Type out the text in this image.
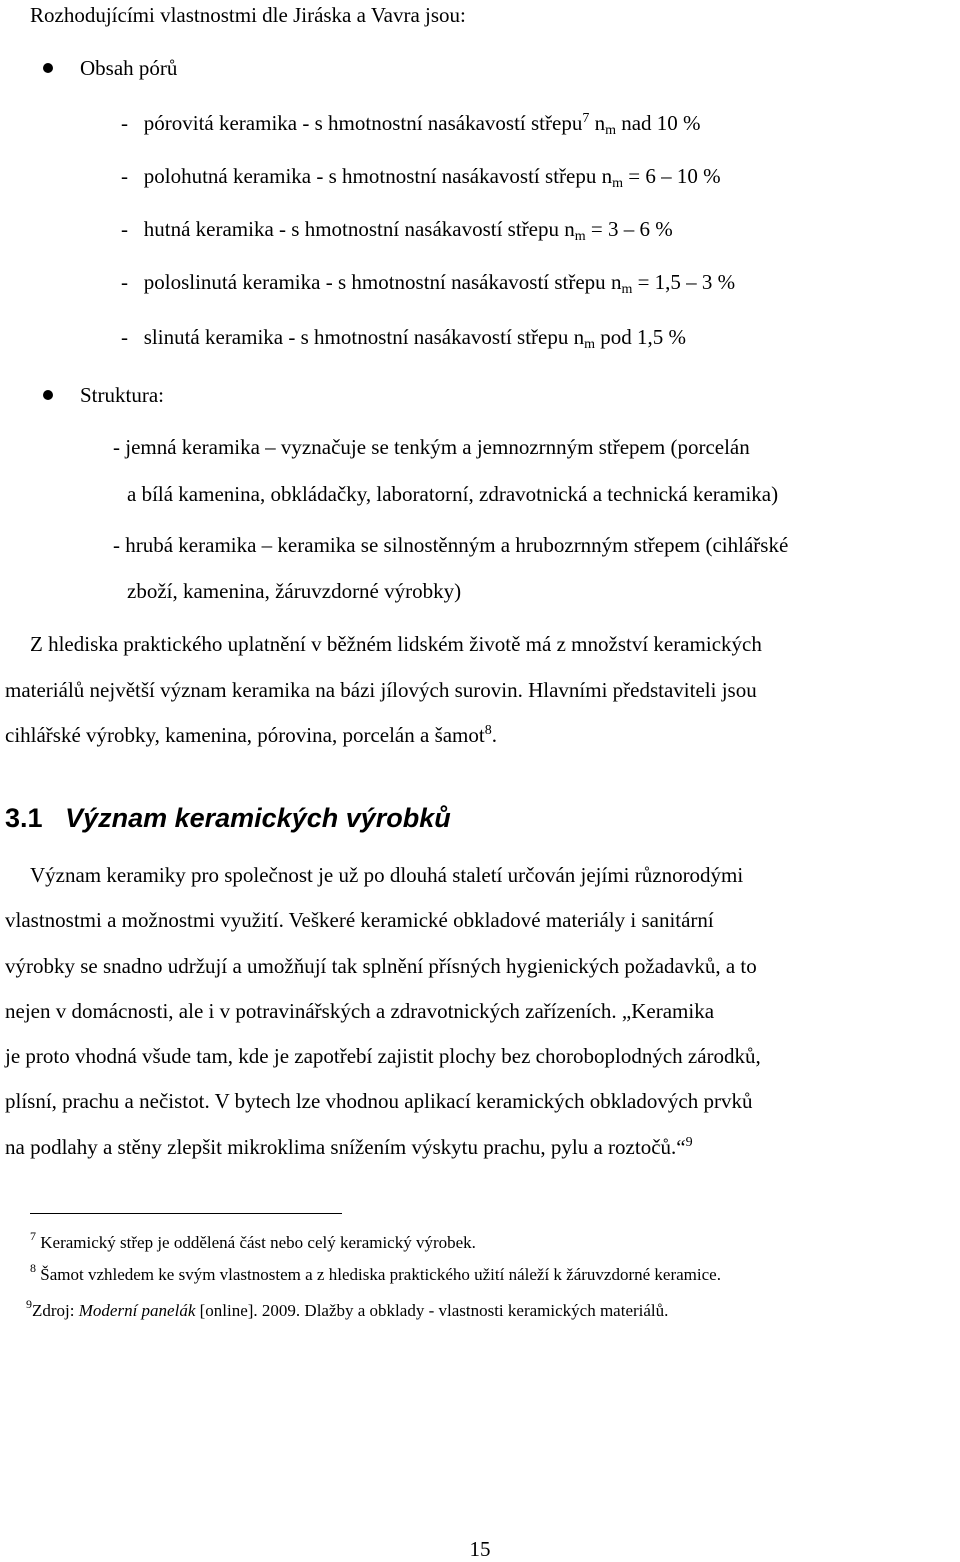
Rozhodujícími vlastnostmi dle Jiráska a Vavra jsou:
Obsah pórů
- pórovitá keramika - s hmotnostní nasákavostí střepu$^7$ $n_m$ nad 10 %
- polohutná keramika - s hmotnostní nasákavostí střepu $n_m = 6 - 10$ %
- hutná keramika - s hmotnostní nasákavostí střepu $n_m = 3 - 6$ %
- poloslinutá keramika - s hmotnostní nasákavostí střepu $n_m = 1,5 - 3$ %
- slinutá keramika - s hmotnostní nasákavostí střepu $n_m$ pod 1,5 %
Struktura:
- jemná keramika – vyznačuje se tenkým a jemnozrnným střepem (porcelán
a bílá kamenina, obkládačky, laboratorní, zdravotnická a technická keramika)
- hrubá keramika – keramika se silnostěnným a hrubozrnným střepem (cihlářské
zboží, kamenina, žáruvzdorné výrobky)
Z hlediska praktického uplatnění v běžném lidském životě má z množství keramických
materiálů největší význam keramika na bázi jílových surovin. Hlavními představiteli jsou
cihlářské výrobky, kamenina, pórovina, porcelán a šamot$^8$.
3.1 Význam keramických výrobků
Význam keramiky pro společnost je už po dlouhá staletí určován jejími různorodými
vlastnostmi a možnostmi využití. Veškeré keramické obkladové materiály i sanitární
výrobky se snadno udržují a umožňují tak splnění přísných hygienických požadavků, a to
nejen v domácnosti, ale i v potravinářských a zdravotnických zařízeních. „Keramika
je proto vhodná všude tam, kde je zapotřebí zajistit plochy bez choroboplodných zárodků,
plísní, prachu a nečistot. V bytech lze vhodnou aplikací keramických obkladových prvků
na podlahy a stěny zlepšit mikroklima snížením výskytu prachu, pylu a roztočů.“$^9$
$^7$ Keramický střep je oddělená část nebo celý keramický výrobek.
$^8$ Šamot vzhledem ke svým vlastnostem a z hlediska praktického užití náleží k žáruvzdorné keramice.
$^9$Zdroj: Moderní panelák [online]. 2009. Dlažby a obklady - vlastnosti keramických materiálů.
15
